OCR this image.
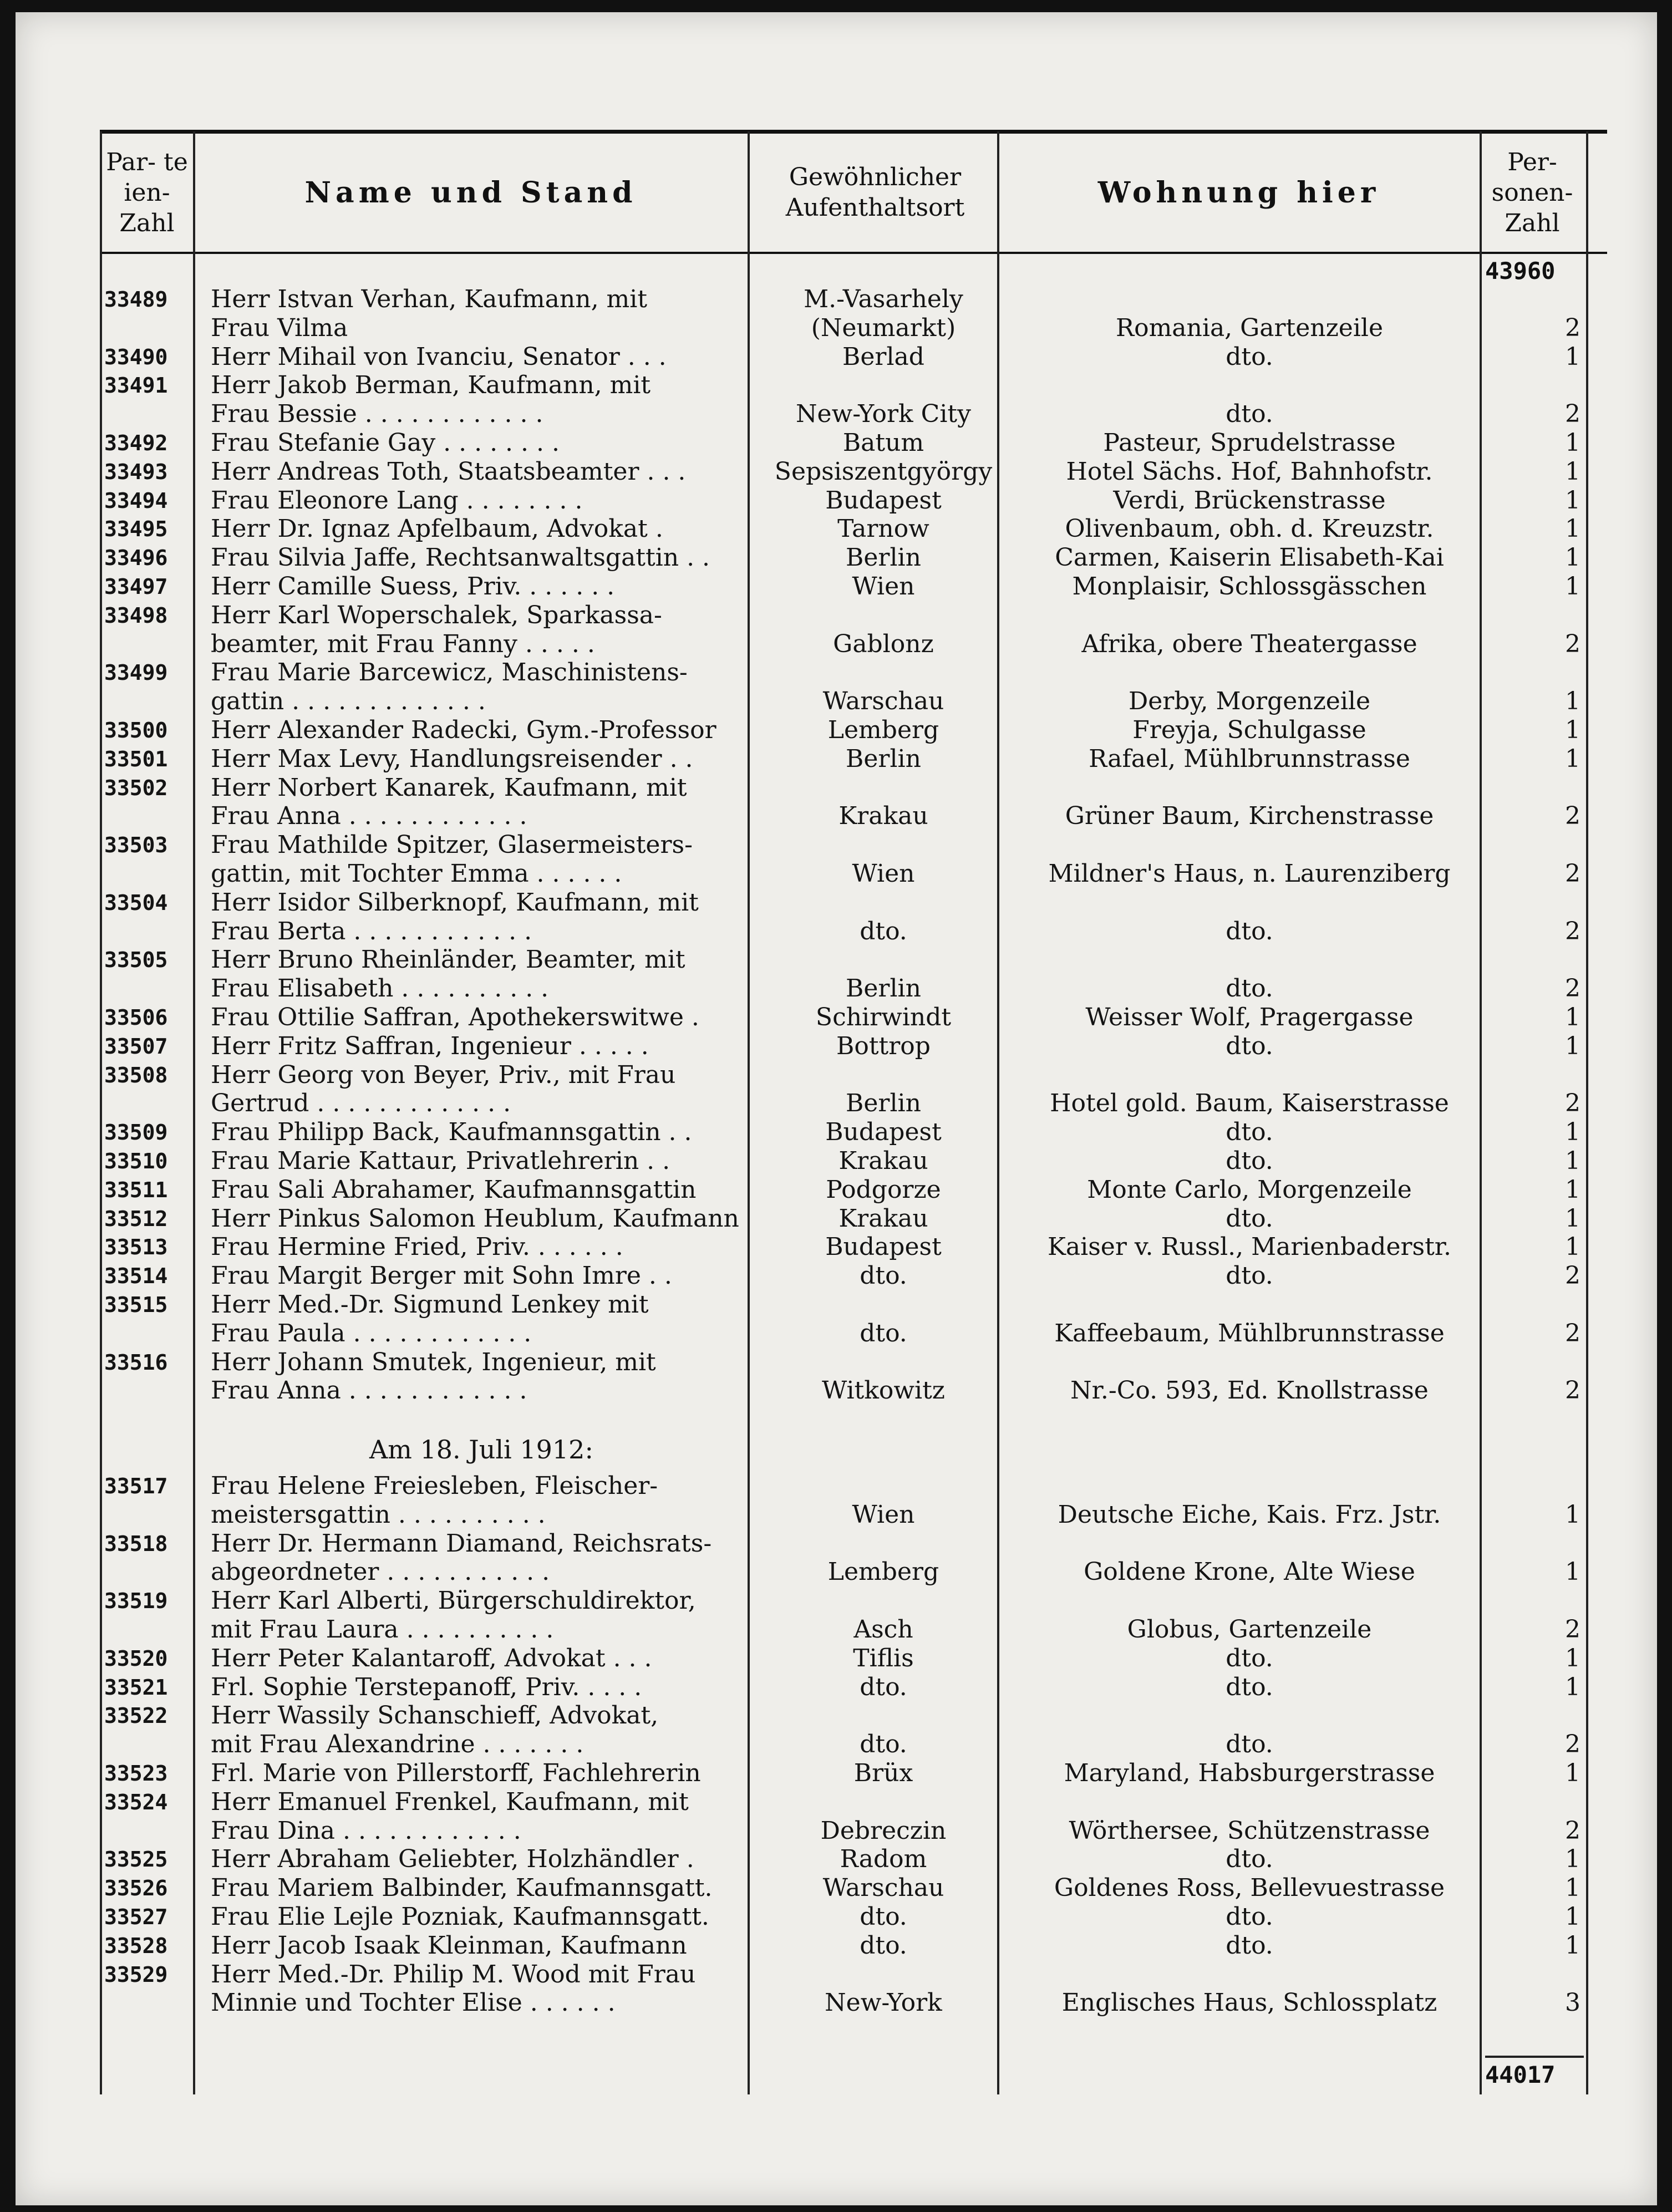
Par- te ien- Zahl
Name und Stand	Gewöhnlicher Aufenthaltsort	Wohnung hier
Per- sonen- Zahl
43960
33489	Herr Istvan Verhan, Kaufmann, mit	M.-Vasarhely
Frau Vilma	(Neumarkt)	Romania, Gartenzeile	2
33490	Herr Mihail von Ivanciu, Senator . . .	Berlad	dto.	1
33491	Herr Jakob Berman, Kaufmann, mit
Frau Bessie . . . . . . . . . . . .	New-York City	dto.	2
33492	Frau Stefanie Gay . . . . . . . .	Batum	Pasteur, Sprudelstrasse	1
33493	Herr Andreas Toth, Staatsbeamter . . .	Sepsiszentgyörgy	Hotel Sächs. Hof, Bahnhofstr.	1
33494	Frau Eleonore Lang . . . . . . . .	Budapest	Verdi, Brückenstrasse	1
33495	Herr Dr. Ignaz Apfelbaum, Advokat .	Tarnow	Olivenbaum, obh. d. Kreuzstr.	1
33496	Frau Silvia Jaffe, Rechtsanwaltsgattin . .	Berlin	Carmen, Kaiserin Elisabeth-Kai	1
33497	Herr Camille Suess, Priv. . . . . . .	Wien	Monplaisir, Schlossgässchen	1
33498	Herr Karl Woperschalek, Sparkassa-
beamter, mit Frau Fanny . . . . .	Gablonz	Afrika, obere Theatergasse	2
33499	Frau Marie Barcewicz, Maschinistens-
gattin . . . . . . . . . . . . .	Warschau	Derby, Morgenzeile	1
33500	Herr Alexander Radecki, Gym.-Professor	Lemberg	Freyja, Schulgasse	1
33501	Herr Max Levy, Handlungsreisender . .	Berlin	Rafael, Mühlbrunnstrasse	1
33502	Herr Norbert Kanarek, Kaufmann, mit
Frau Anna . . . . . . . . . . . .	Krakau	Grüner Baum, Kirchenstrasse	2
33503	Frau Mathilde Spitzer, Glasermeisters-
gattin, mit Tochter Emma . . . . . .	Wien	Mildner's Haus, n. Laurenziberg	2
33504	Herr Isidor Silberknopf, Kaufmann, mit
Frau Berta . . . . . . . . . . . .	dto.	dto.	2
33505	Herr Bruno Rheinländer, Beamter, mit
Frau Elisabeth . . . . . . . . . .	Berlin	dto.	2
33506	Frau Ottilie Saffran, Apothekerswitwe .	Schirwindt	Weisser Wolf, Pragergasse	1
33507	Herr Fritz Saffran, Ingenieur . . . . .	Bottrop	dto.	1
33508	Herr Georg von Beyer, Priv., mit Frau
Gertrud . . . . . . . . . . . . .	Berlin	Hotel gold. Baum, Kaiserstrasse	2
33509	Frau Philipp Back, Kaufmannsgattin . .	Budapest	dto.	1
33510	Frau Marie Kattaur, Privatlehrerin . .	Krakau	dto.	1
33511	Frau Sali Abrahamer, Kaufmannsgattin	Podgorze	Monte Carlo, Morgenzeile	1
33512	Herr Pinkus Salomon Heublum, Kaufmann	Krakau	dto.	1
33513	Frau Hermine Fried, Priv. . . . . . .	Budapest	Kaiser v. Russl., Marienbaderstr.	1
33514	Frau Margit Berger mit Sohn Imre . .	dto.	dto.	2
33515	Herr Med.-Dr. Sigmund Lenkey mit
Frau Paula . . . . . . . . . . . .	dto.	Kaffeebaum, Mühlbrunnstrasse	2
33516	Herr Johann Smutek, Ingenieur, mit
Frau Anna . . . . . . . . . . . .	Witkowitz	Nr.-Co. 593, Ed. Knollstrasse	2
Am 18. Juli 1912:
33517	Frau Helene Freiesleben, Fleischer-
meistersgattin . . . . . . . . . .	Wien	Deutsche Eiche, Kais. Frz. Jstr.	1
33518	Herr Dr. Hermann Diamand, Reichsrats-
abgeordneter . . . . . . . . . . .	Lemberg	Goldene Krone, Alte Wiese	1
33519	Herr Karl Alberti, Bürgerschuldirektor,
mit Frau Laura . . . . . . . . . .	Asch	Globus, Gartenzeile	2
33520	Herr Peter Kalantaroff, Advokat . . .	Tiflis	dto.	1
33521	Frl. Sophie Terstepanoff, Priv. . . . .	dto.	dto.	1
33522	Herr Wassily Schanschieff, Advokat,
mit Frau Alexandrine . . . . . . .	dto.	dto.	2
33523	Frl. Marie von Pillerstorff, Fachlehrerin	Brüx	Maryland, Habsburgerstrasse	1
33524	Herr Emanuel Frenkel, Kaufmann, mit
Frau Dina . . . . . . . . . . . .	Debreczin	Wörthersee, Schützenstrasse	2
33525	Herr Abraham Geliebter, Holzhändler .	Radom	dto.	1
33526	Frau Mariem Balbinder, Kaufmannsgatt.	Warschau	Goldenes Ross, Bellevuestrasse	1
33527	Frau Elie Lejle Pozniak, Kaufmannsgatt.	dto.	dto.	1
33528	Herr Jacob Isaak Kleinman, Kaufmann	dto.	dto.	1
33529	Herr Med.-Dr. Philip M. Wood mit Frau
Minnie und Tochter Elise . . . . . .	New-York	Englisches Haus, Schlossplatz	3
44017
